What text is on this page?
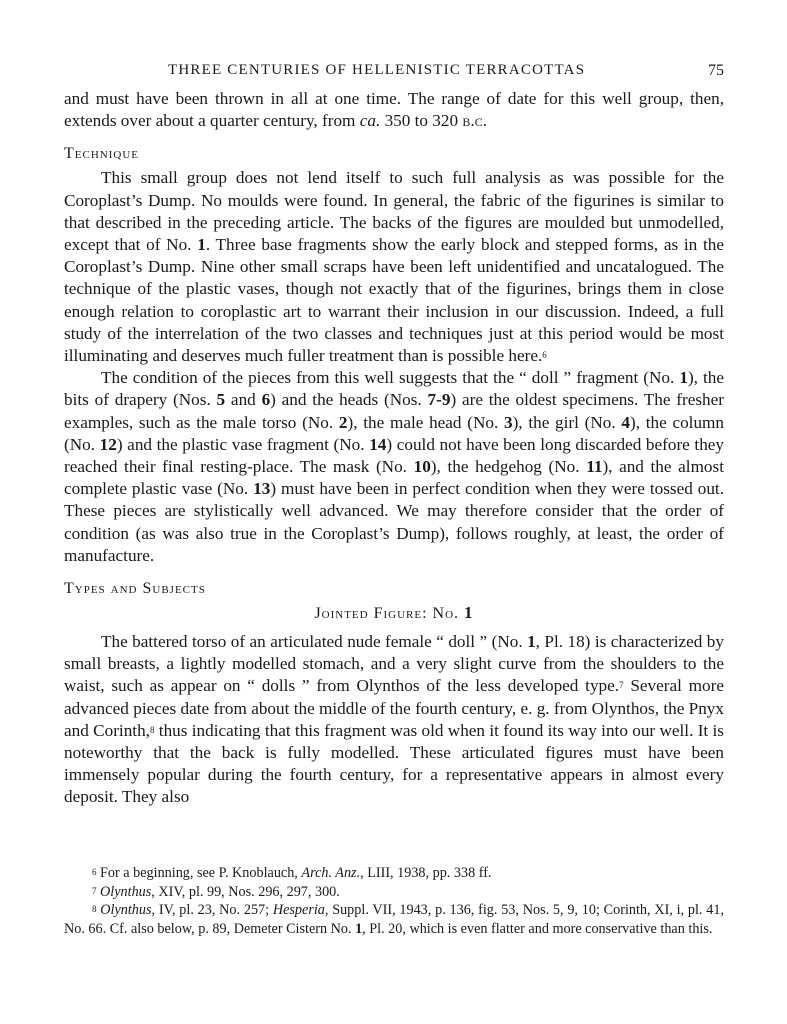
THREE CENTURIES OF HELLENISTIC TERRACOTTAS	75

and must have been thrown in all at one time. The range of date for this well group, then, extends over about a quarter century, from ca. 350 to 320 b.c.

Technique

This small group does not lend itself to such full analysis as was possible for the Coroplast’s Dump. No moulds were found. In general, the fabric of the figurines is similar to that described in the preceding article. The backs of the figures are moulded but unmodelled, except that of No. 1. Three base fragments show the early block and stepped forms, as in the Coroplast’s Dump. Nine other small scraps have been left unidentified and uncatalogued. The technique of the plastic vases, though not exactly that of the figurines, brings them in close enough relation to coroplastic art to warrant their inclusion in our discussion. Indeed, a full study of the interrelation of the two classes and techniques just at this period would be most illuminating and deserves much fuller treatment than is possible here.$^6$

The condition of the pieces from this well suggests that the “ doll ” fragment (No. 1), the bits of drapery (Nos. 5 and 6) and the heads (Nos. 7-9) are the oldest specimens. The fresher examples, such as the male torso (No. 2), the male head (No. 3), the girl (No. 4), the column (No. 12) and the plastic vase fragment (No. 14) could not have been long discarded before they reached their final resting-place. The mask (No. 10), the hedgehog (No. 11), and the almost complete plastic vase (No. 13) must have been in perfect condition when they were tossed out. These pieces are stylistically well advanced. We may therefore consider that the order of condition (as was also true in the Coroplast’s Dump), follows roughly, at least, the order of manufacture.

Types and Subjects
Jointed Figure: No. 1

The battered torso of an articulated nude female “ doll ” (No. 1, Pl. 18) is characterized by small breasts, a lightly modelled stomach, and a very slight curve from the shoulders to the waist, such as appear on “ dolls ” from Olynthos of the less developed type.$^7$ Several more advanced pieces date from about the middle of the fourth century, e. g. from Olynthos, the Pnyx and Corinth,$^8$ thus indicating that this fragment was old when it found its way into our well. It is noteworthy that the back is fully modelled. These articulated figures must have been immensely popular during the fourth century, for a representative appears in almost every deposit. They also

$^6$ For a beginning, see P. Knoblauch, Arch. Anz., LIII, 1938, pp. 338 ff.

$^7$ Olynthus, XIV, pl. 99, Nos. 296, 297, 300.

$^8$ Olynthus, IV, pl. 23, No. 257; Hesperia, Suppl. VII, 1943, p. 136, fig. 53, Nos. 5, 9, 10; Corinth, XI, i, pl. 41, No. 66. Cf. also below, p. 89, Demeter Cistern No. 1, Pl. 20, which is even flatter and more conservative than this.
